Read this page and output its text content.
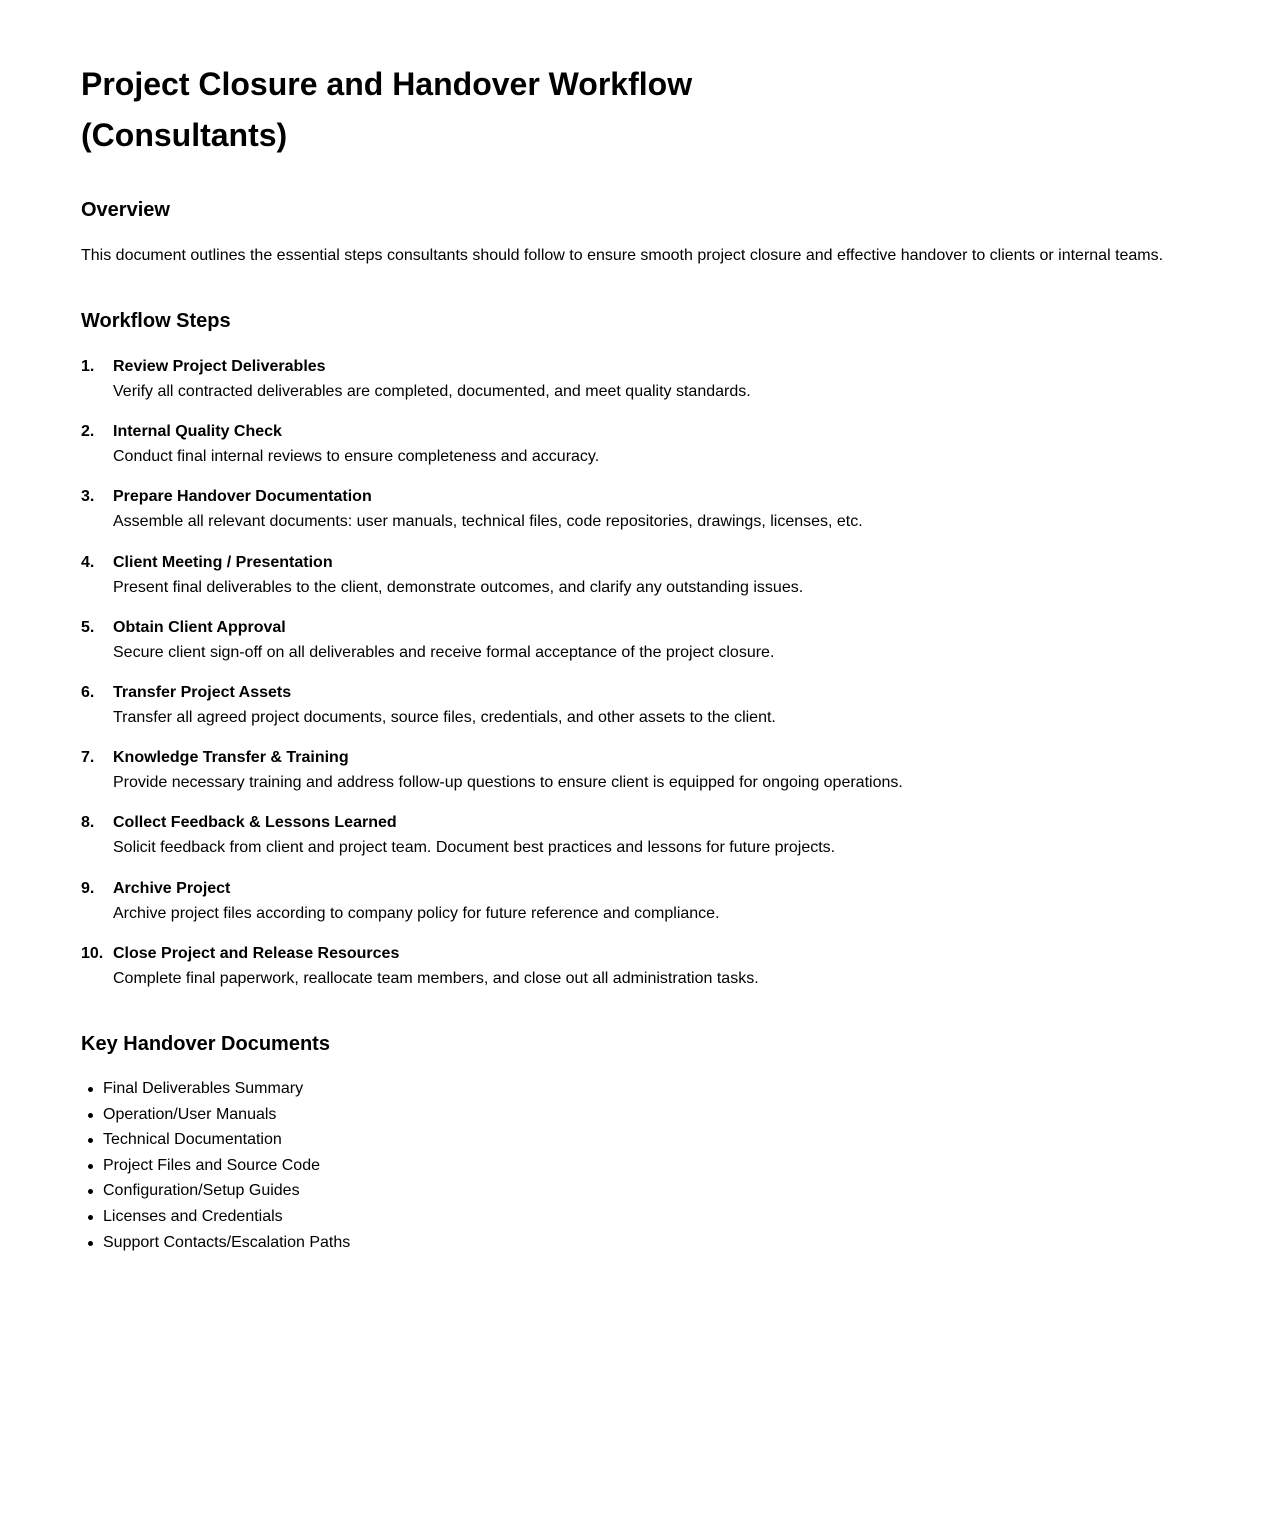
Project Closure and Handover Workflow (Consultants)
Overview

This document outlines the essential steps consultants should follow to ensure smooth project closure and effective handover to clients or internal teams.

Workflow Steps
1. Review Project Deliverables
Verify all contracted deliverables are completed, documented, and meet quality standards.
2. Internal Quality Check
Conduct final internal reviews to ensure completeness and accuracy.
3. Prepare Handover Documentation
Assemble all relevant documents: user manuals, technical files, code repositories, drawings, licenses, etc.
4. Client Meeting / Presentation
Present final deliverables to the client, demonstrate outcomes, and clarify any outstanding issues.
5. Obtain Client Approval
Secure client sign-off on all deliverables and receive formal acceptance of the project closure.
6. Transfer Project Assets
Transfer all agreed project documents, source files, credentials, and other assets to the client.
7. Knowledge Transfer & Training
Provide necessary training and address follow-up questions to ensure client is equipped for ongoing operations.
8. Collect Feedback & Lessons Learned
Solicit feedback from client and project team. Document best practices and lessons for future projects.
9. Archive Project
Archive project files according to company policy for future reference and compliance.
10. Close Project and Release Resources
Complete final paperwork, reallocate team members, and close out all administration tasks.
Key Handover Documents
Final Deliverables Summary
Operation/User Manuals
Technical Documentation
Project Files and Source Code
Configuration/Setup Guides
Licenses and Credentials
Support Contacts/Escalation Paths
